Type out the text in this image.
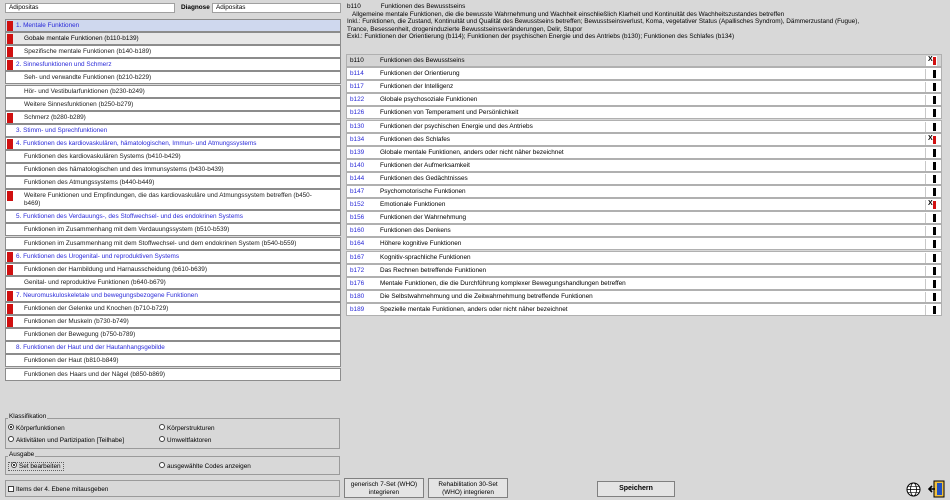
Adipositas	Diagnose Adipositas
1. Mentale Funktionen
Gobale mentale Funktionen (b110-b139)
Spezifische mentale Funktionen (b140-b189)
2. Sinnesfunktionen und Schmerz
Seh- und verwandte Funktionen (b210-b229)
Hör- und Vestibularfunktionen (b230-b249)
Weitere Sinnesfunktionen (b250-b279)
Schmerz (b280-b289)
3. Stimm- und Sprechfunktionen
4. Funktionen des kardiovaskulären, hämatologischen, Immun- und Atmungssystems
Funktionen des kardiovaskulären Systems (b410-b429)
Funktionen des hämatologischen und des Immunsystems (b430-b439)
Funktionen des Atmungssystems (b440-b449)
Weitere Funktionen und Empfindungen, die das kardiovaskuläre und Atmungssystem betreffen (b450-b469)
5. Funktionen des Verdauungs-, des Stoffwechsel- und des endokrinen Systems
Funktionen im Zusammenhang mit dem Verdauungssystem (b510-b539)
Funktionen im Zusammenhang mit dem Stoffwechsel- und dem endokrinen System (b540-b559)
6. Funktionen des Urogenital- und reproduktiven Systems
Funktionen der Harnbildung und Harnausscheidung (b610-b639)
Genital- und reproduktive Funktionen (b640-b679)
7. Neuromuskuloskeletale und bewegungsbezogene Funktionen
Funktionen der Gelenke und Knochen (b710-b729)
Funktionen der Muskeln (b730-b749)
Funktionen der Bewegung (b750-b789)
8. Funktionen der Haut und der Hautanhangsgebilde
Funktionen der Haut (b810-b849)
Funktionen des Haars und der Nägel (b850-b869)
b110	Funktionen des Bewusstseins
Allgemeine mentale Funktionen, die die bewusste Wahrnehmung und Wachheit einschließlich Klarheit und Kontinuität des Wachheitszustandes betreffen
Inkl.: Funktionen, die Zustand, Kontinuität und Qualität des Bewusstseins betreffen; Bewusstseinsverlust, Koma, vegetativer Status (Apallisches Syndrom), Dämmerzustand (Fugue),
Trance, Besessenheit, drogeninduzierte Bewusstseinsveränderungen, Delir, Stupor
Exkl.: Funktionen der Orientierung (b114); Funktionen der psychischen Energie und des Antriebs (b130); Funktionen des Schlafes (b134)
b110	Funktionen des Bewusstseins	X
b114	Funktionen der Orientierung
b117	Funktionen der Intelligenz
b122 Globale psychosoziale Funktionen
b126 Funktionen von Temperament und Persönlichkeit
b130 Funktionen der psychischen Energie und des Antriebs
b134 Funktionen des Schlafes	X
b139 Globale mentale Funktionen, anders oder nicht näher bezeichnet
b140 Funktionen der Aufmerksamkeit
b144 Funktionen des Gedächtnisses
b147 Psychomotorische Funktionen
b152 Emotionale Funktionen	X
b156 Funktionen der Wahrnehmung
b160 Funktionen des Denkens
b164 Höhere kognitive Funktionen
b167 Kognitiv-sprachliche Funktionen
b172 Das Rechnen betreffende Funktionen
b176 Mentale Funktionen, die die Durchführung komplexer Bewegungshandlungen betreffen
b180 Die Selbstwahrnehmung und die Zeitwahrnehmung betreffende Funktionen
b189 Spezielle mentale Funktionen, anders oder nicht näher bezeichnet
Klassifikation
Körperfunktionen	Körperstrukturen
Aktivitäten und Partizipation [Teilhabe]	Umweltfaktoren
Ausgabe
Set bearbeiten	ausgewählte Codes anzeigen
Items der 4. Ebene mitausgeben
generisch 7-Set (WHO) integrieren
Rehabilitation 30-Set (WHO) integrieren
Speichern
